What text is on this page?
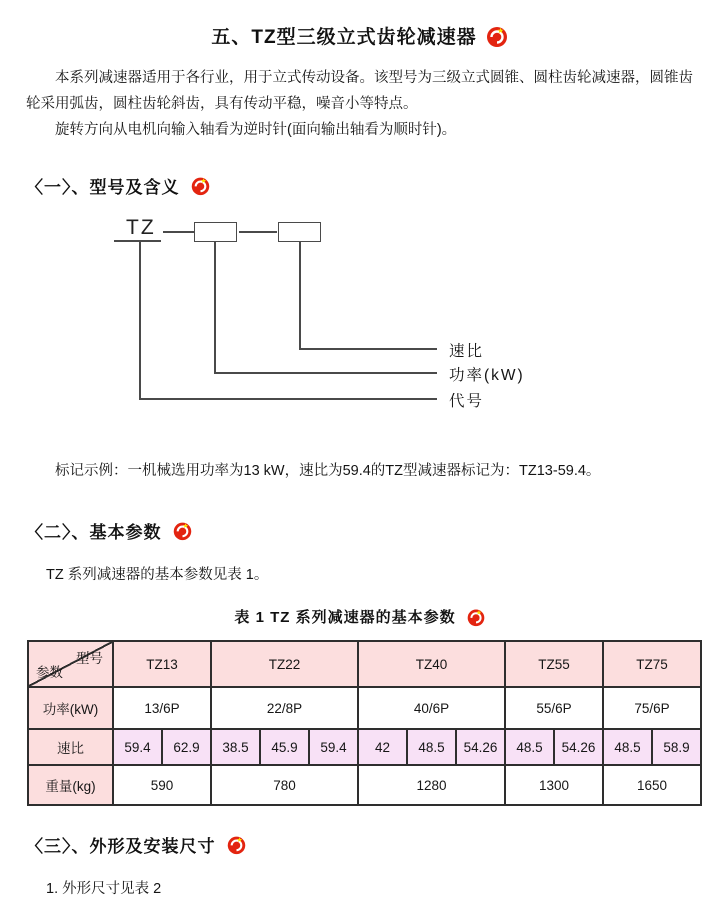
五、TZ型三级立式齿轮减速器

本系列减速器适用于各行业，用于立式传动设备。该型号为三级立式圆锥、圆柱齿轮减速器，圆锥齿轮采用弧齿，圆柱齿轮斜齿，具有传动平稳，噪音小等特点。

旋转方向从电机向输入轴看为逆时针(面向输出轴看为顺时针)。

〈一〉、型号及含义
TZ
速比
功率(kW)
代号

标记示例：一机械选用功率为13 kW，速比为59.4的TZ型减速器标记为：TZ13-59.4。

〈二〉、基本参数

TZ 系列减速器的基本参数见表 1。

表 1 TZ 系列减速器的基本参数
型号
参数	TZ13		TZ22			TZ40			TZ55		TZ75	
功率(kW)	13/6P		22/8P			40/6P			55/6P		75/6P	
速比	59.4	62.9	38.5	45.9	59.4	42	48.5	54.26	48.5	54.26	48.5	58.9
重量(kg)	590		780			1280			1300		1650	
〈三〉、外形及安装尺寸

1. 外形尺寸见表 2
